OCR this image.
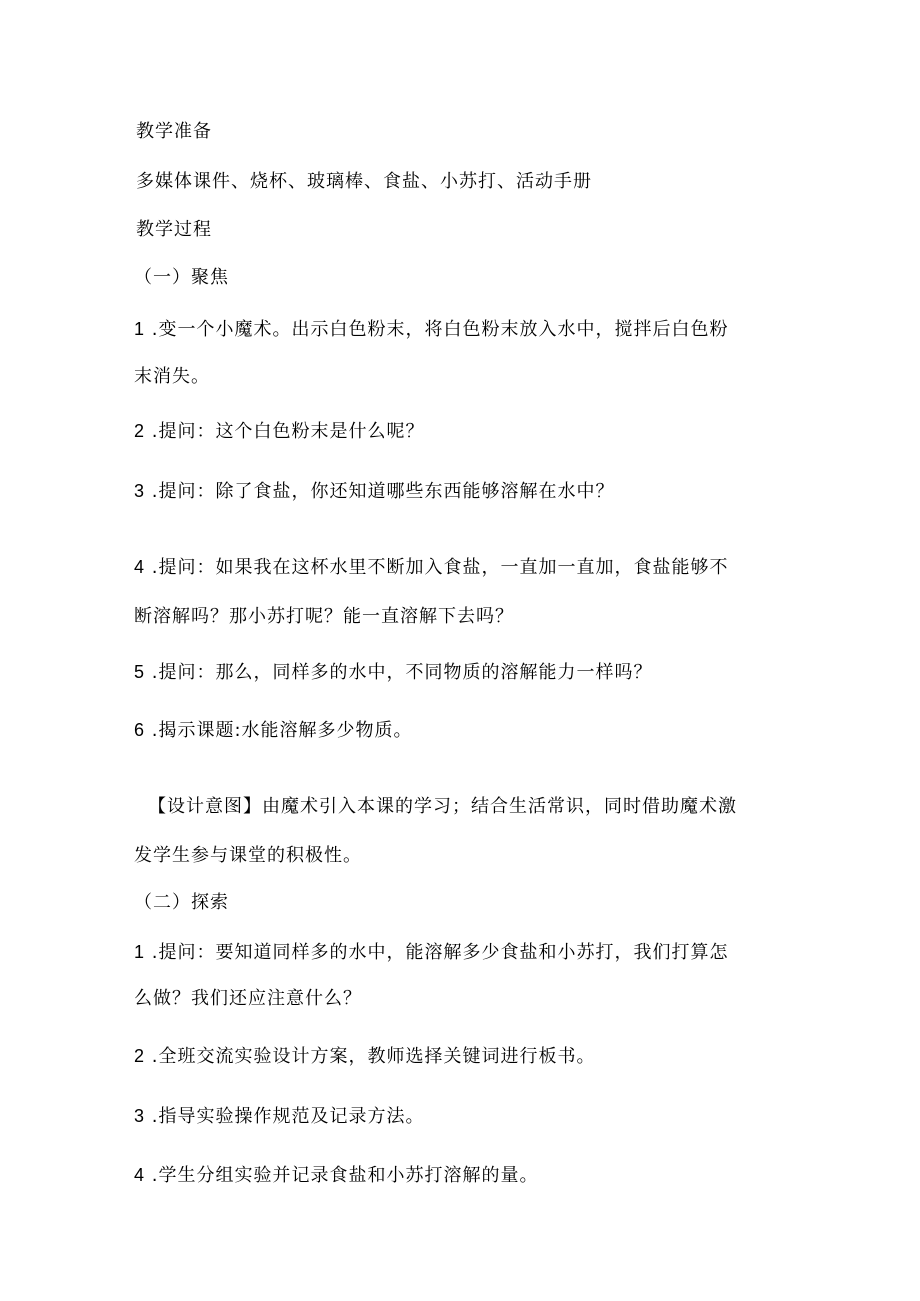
教学准备
多媒体课件、烧杯、玻璃棒、食盐、小苏打、活动手册
教学过程
（一）聚焦
1 .变一个小魔术。出示白色粉末，将白色粉末放入水中，搅拌后白色粉
末消失。
2 .提问：这个白色粉末是什么呢？
3 .提问：除了食盐，你还知道哪些东西能够溶解在水中？
4 .提问：如果我在这杯水里不断加入食盐，一直加一直加，食盐能够不
断溶解吗？那小苏打呢？能一直溶解下去吗？
5 .提问：那么，同样多的水中，不同物质的溶解能力一样吗？
6 .揭示课题:水能溶解多少物质。
【设计意图】由魔术引入本课的学习；结合生活常识，同时借助魔术激
发学生参与课堂的积极性。
（二）探索
1 .提问：要知道同样多的水中，能溶解多少食盐和小苏打，我们打算怎
么做？我们还应注意什么？
2 .全班交流实验设计方案，教师选择关键词进行板书。
3 .指导实验操作规范及记录方法。
4 .学生分组实验并记录食盐和小苏打溶解的量。
